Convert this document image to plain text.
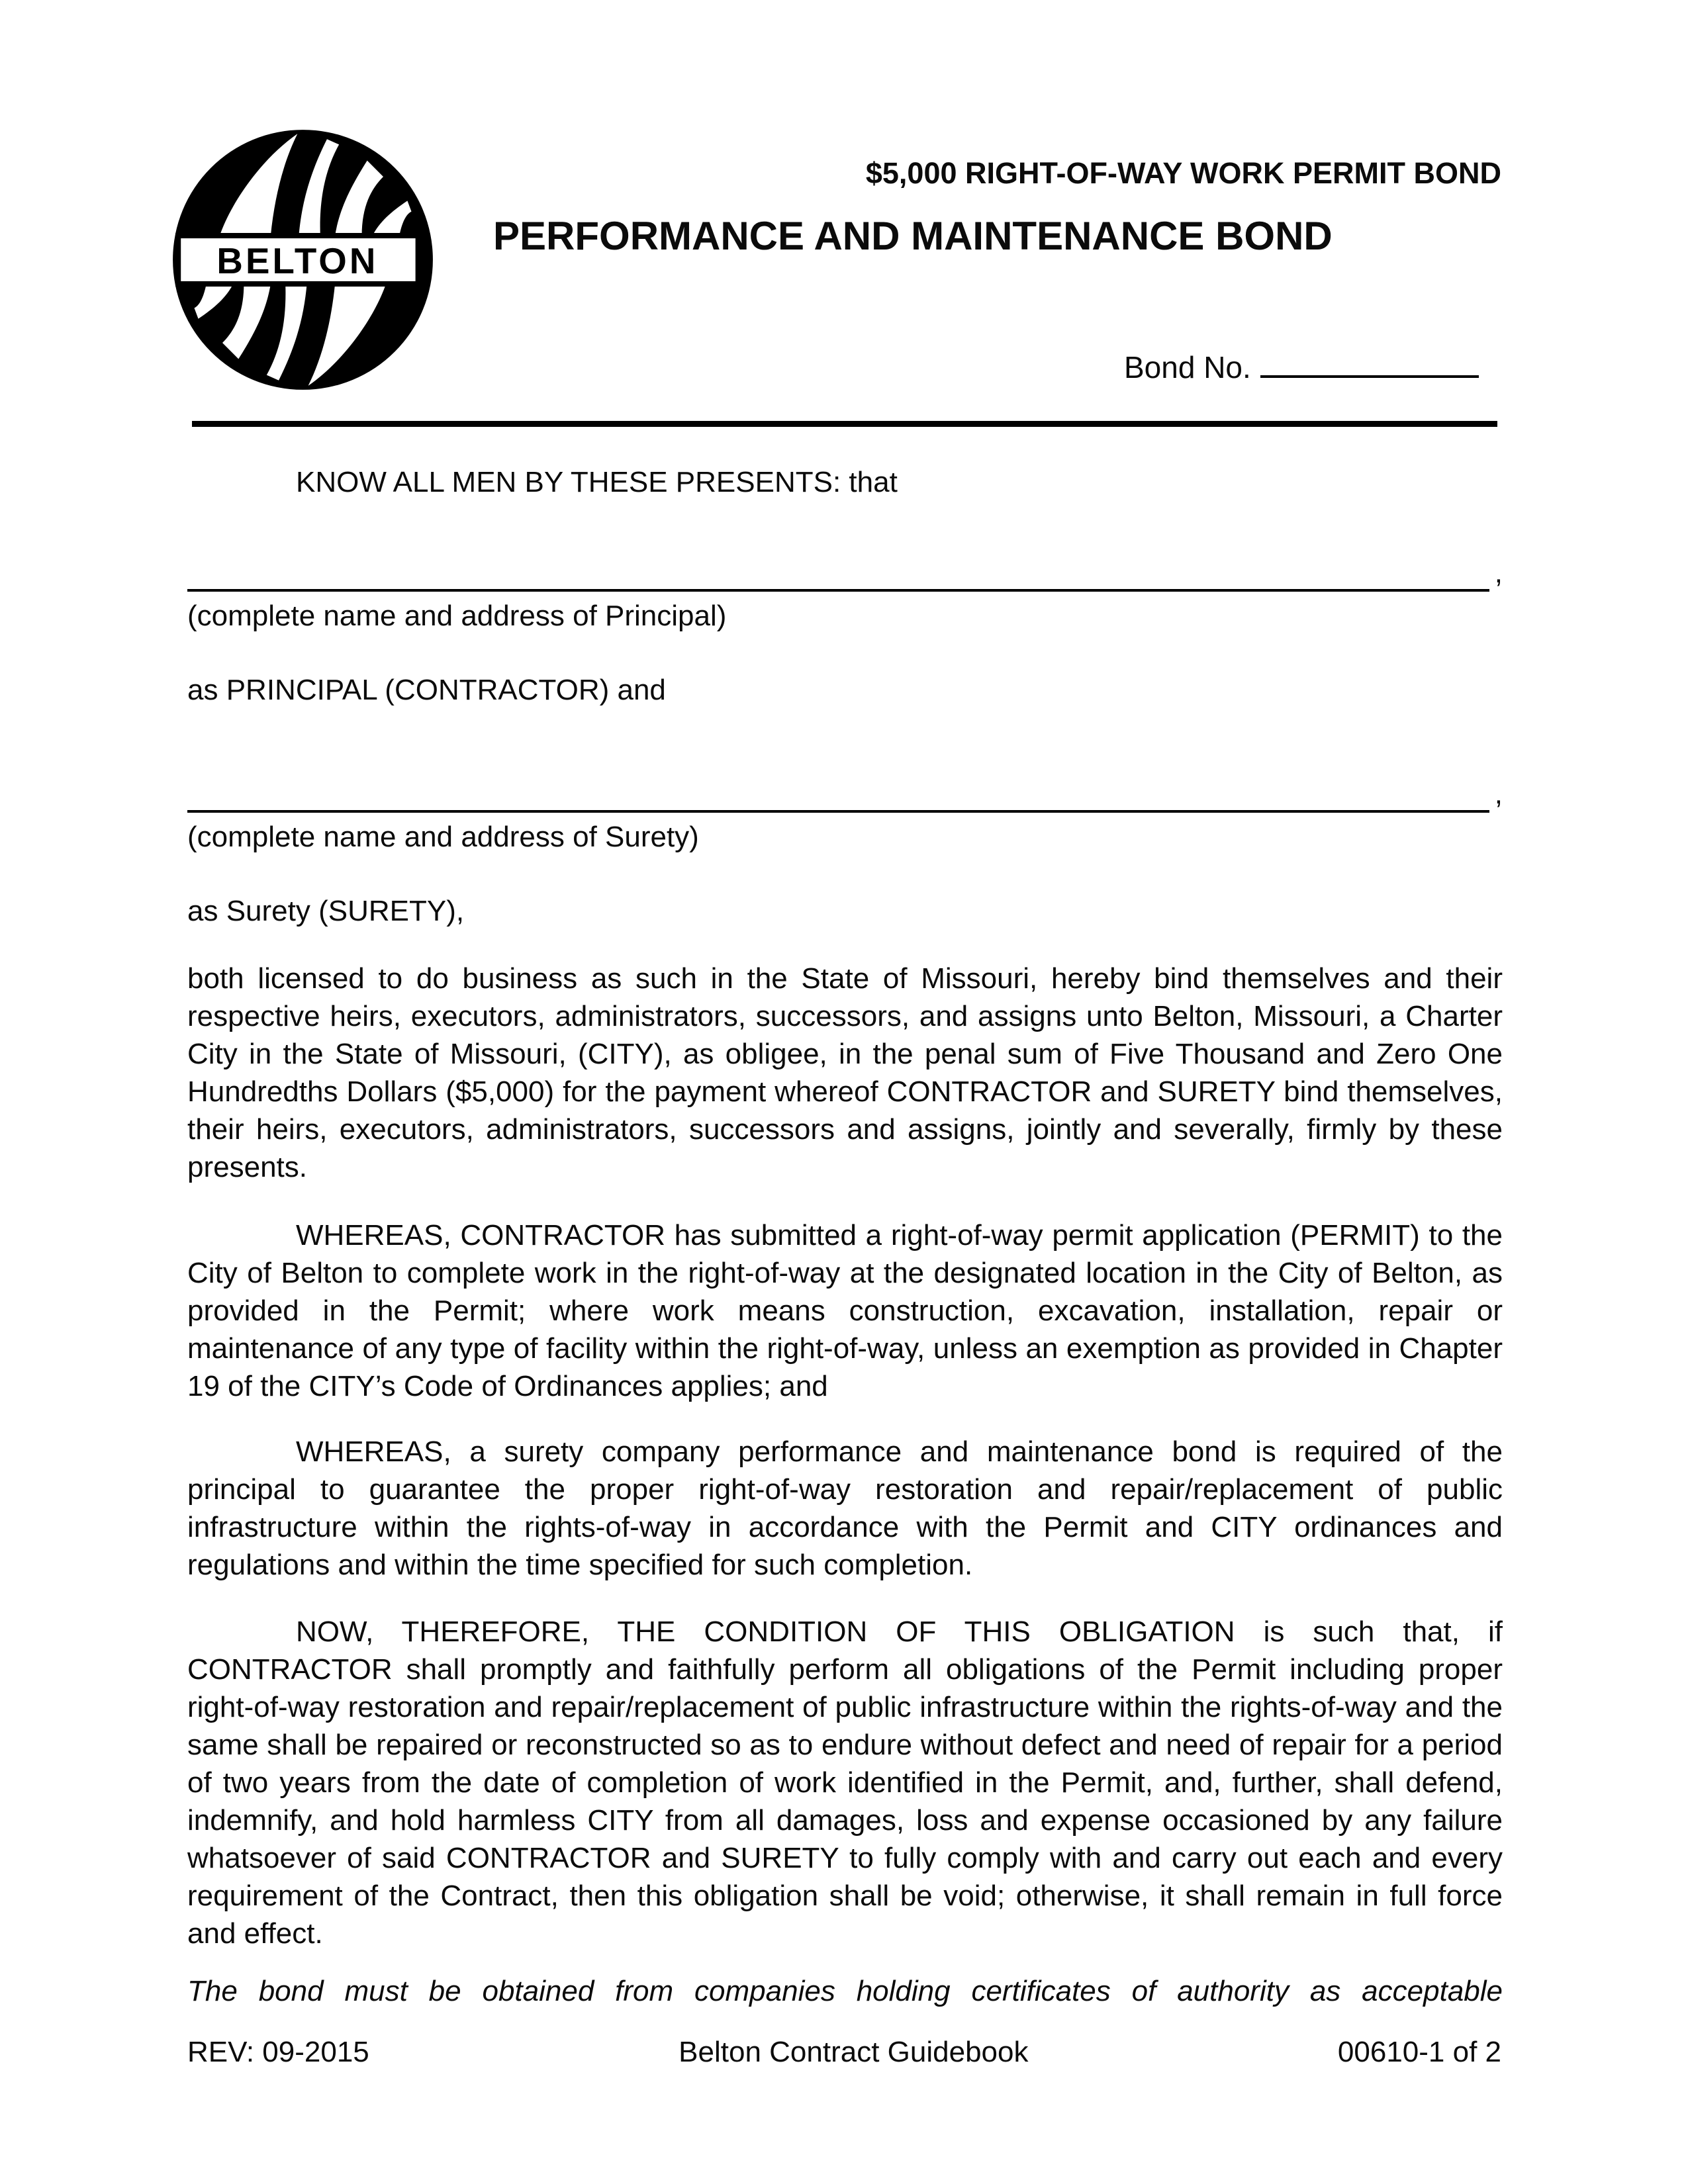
BELTON
$5,000 RIGHT-OF-WAY WORK PERMIT BOND
PERFORMANCE AND MAINTENANCE BOND
Bond No.

KNOW ALL MEN BY THESE PRESENTS: that

,

(complete name and address of Principal)

as PRINCIPAL (CONTRACTOR) and

,

(complete name and address of Surety)

as Surety (SURETY),

both licensed to do business as such in the State of Missouri, hereby bind themselves and their respective heirs, executors, administrators, successors, and assigns unto Belton, Missouri, a Charter City in the State of Missouri, (CITY), as obligee, in the penal sum of Five Thousand and Zero One Hundredths Dollars ($5,000) for the payment whereof CONTRACTOR and SURETY bind themselves, their heirs, executors, administrators, successors and assigns, jointly and severally, firmly by these presents.

WHEREAS, CONTRACTOR has submitted a right-of-way permit application (PERMIT) to the City of Belton to complete work in the right-of-way at the designated location in the City of Belton, as provided in the Permit; where work means construction, excavation, installation, repair or maintenance of any type of facility within the right-of-way, unless an exemption as provided in Chapter 19 of the CITY’s Code of Ordinances applies; and

WHEREAS, a surety company performance and maintenance bond is required of the principal to guarantee the proper right-of-way restoration and repair/replacement of public infrastructure within the rights-of-way in accordance with the Permit and CITY ordinances and regulations and within the time specified for such completion.

NOW, THEREFORE, THE CONDITION OF THIS OBLIGATION is such that, if CONTRACTOR shall promptly and faithfully perform all obligations of the Permit including proper right-of-way restoration and repair/replacement of public infrastructure within the rights-of-way and the same shall be repaired or reconstructed so as to endure without defect and need of repair for a period of two years from the date of completion of work identified in the Permit, and, further, shall defend, indemnify, and hold harmless CITY from all damages, loss and expense occasioned by any failure whatsoever of said CONTRACTOR and SURETY to fully comply with and carry out each and every requirement of the Contract, then this obligation shall be void; otherwise, it shall remain in full force and effect.

The bond must be obtained from companies holding certificates of authority as acceptable

REV: 09-2015	Belton Contract Guidebook	00610-1 of 2
